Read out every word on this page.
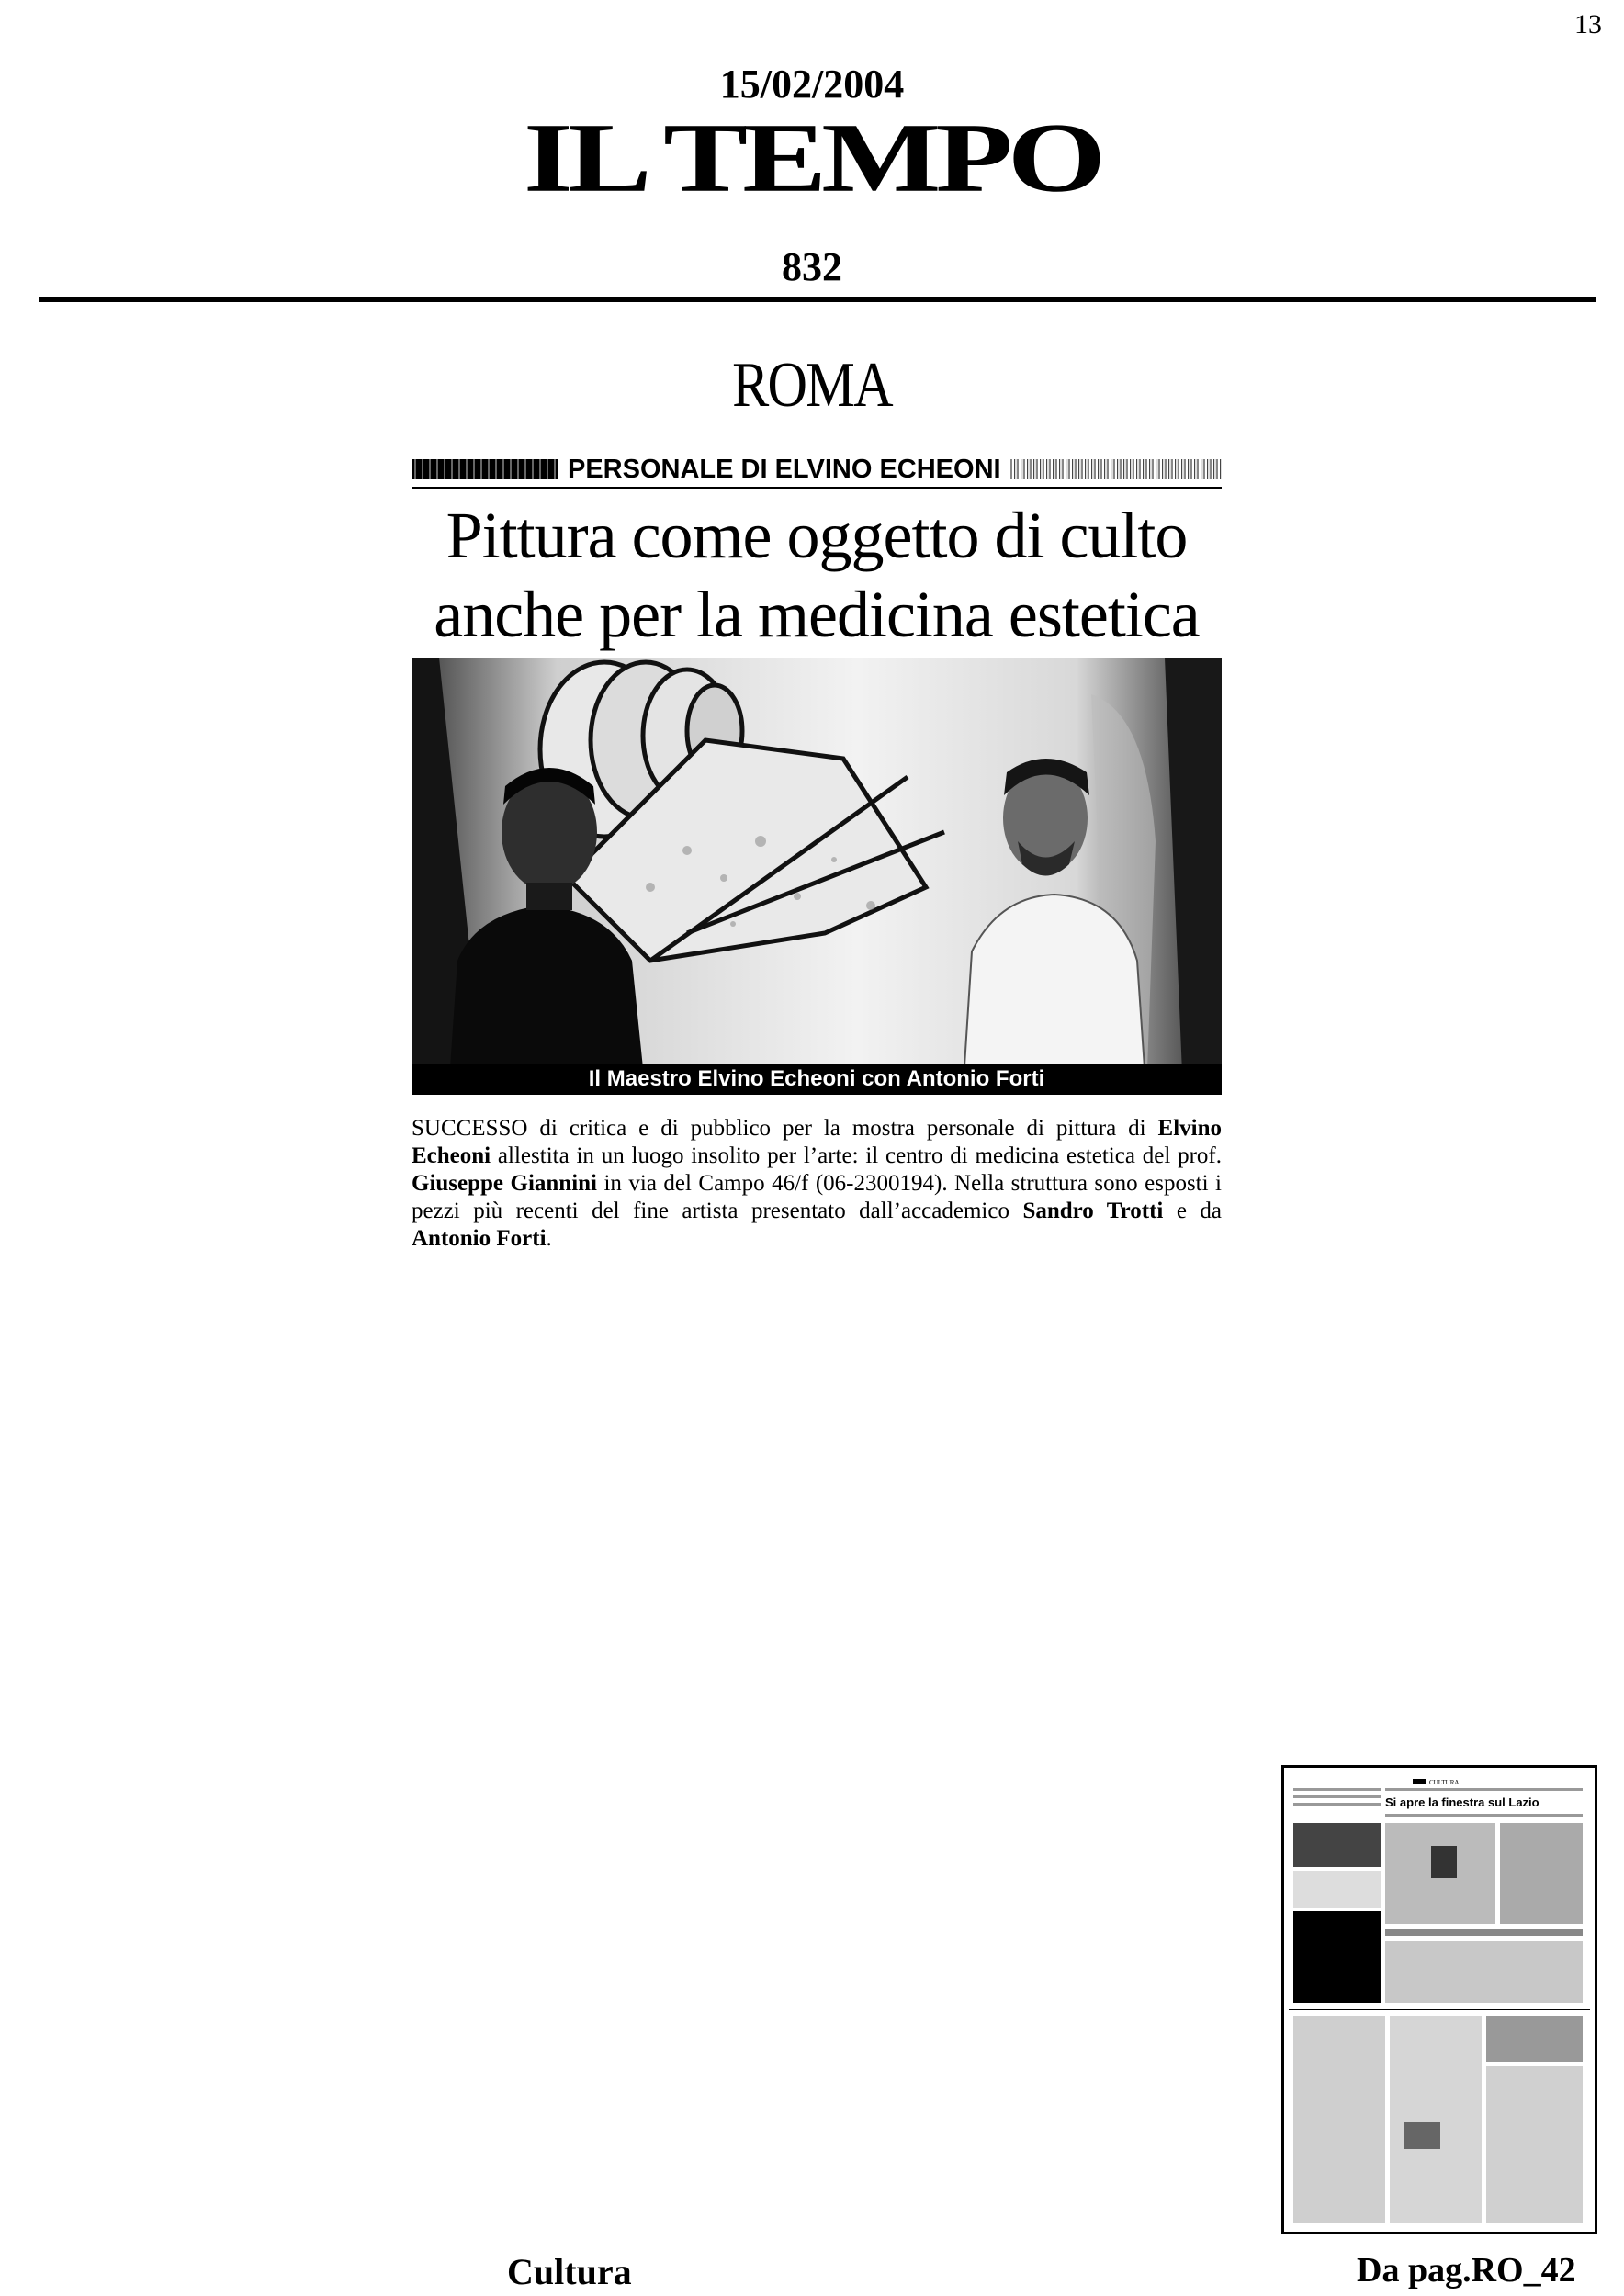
13
15/02/2004
IL TEMPO
832
ROMA
PERSONALE DI ELVINO ECHEONI
Pittura come oggetto di culto
anche per la medicina estetica
Il Maestro Elvino Echeoni con Antonio Forti
SUCCESSO di critica e di pubblico per la mostra personale di pittura di Elvino Echeoni allestita in un luogo insolito per l’arte: il centro di medicina estetica del prof. Giuseppe Giannini in via del Campo 46/f (06-2300194). Nella struttura sono esposti i pezzi più recenti del fine artista presentato dall’accademico Sandro Trotti e da Antonio Forti.
CULTURA
Si apre la finestra sul Lazio
Cultura	Da pag.RO_42
